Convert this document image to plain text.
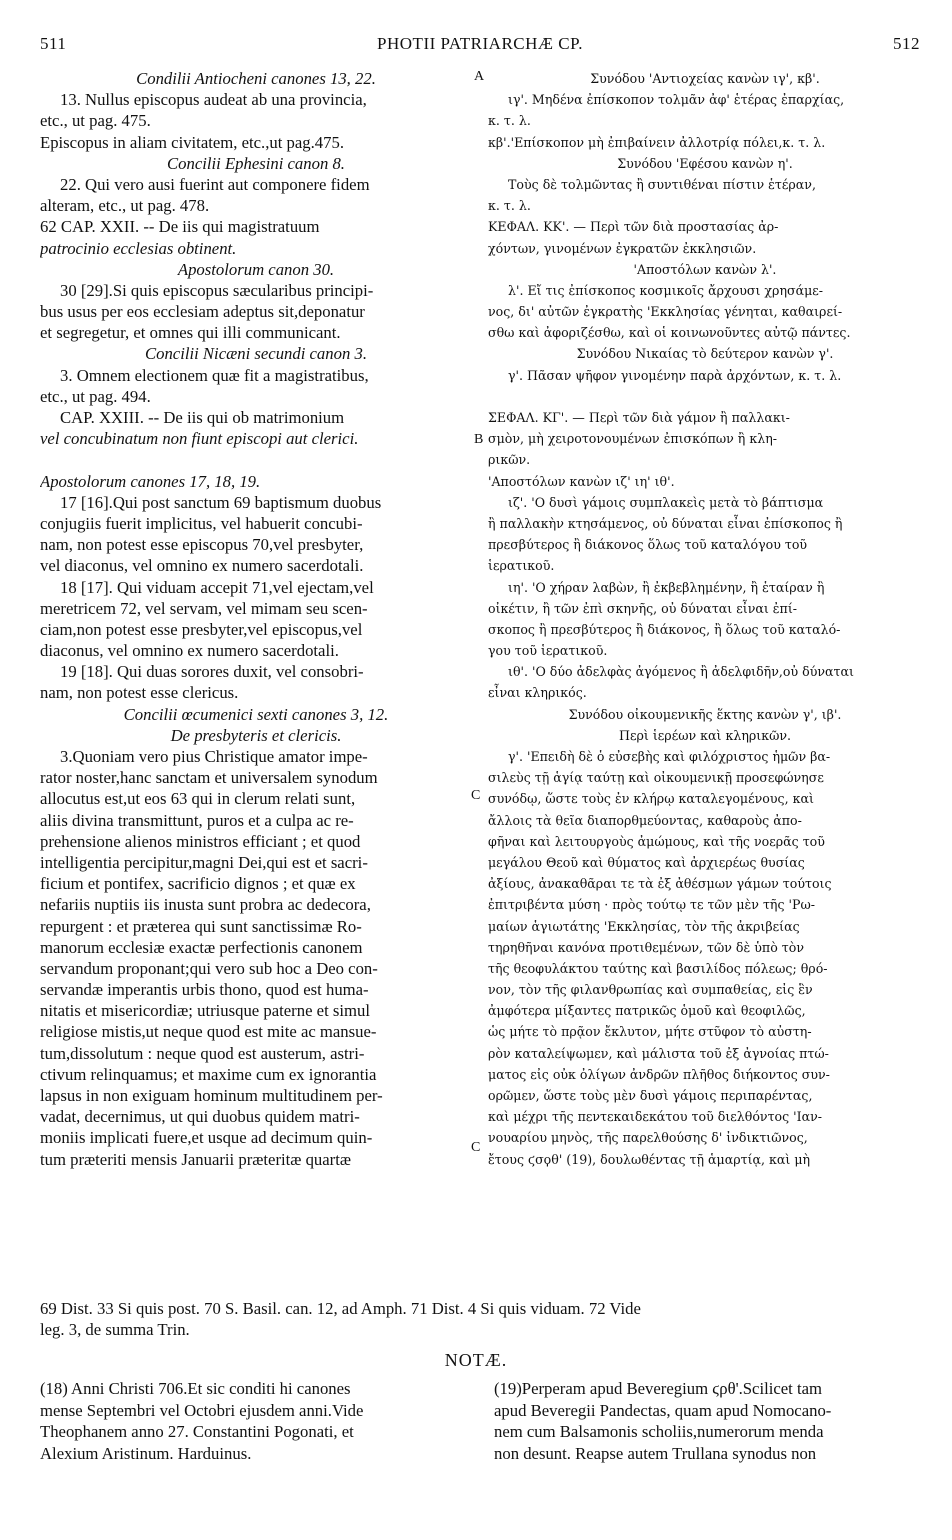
511	PHOTII PATRIARCHÆ CP.	512
A
B
C
C
Condilii Antiocheni canones 13, 22.
13. Nullus episcopus audeat ab una provincia,
etc., ut pag. 475.
Episcopus in aliam civitatem, etc.,ut pag.475.
Concilii Ephesini canon 8.
22. Qui vero ausi fuerint aut componere fidem
alteram, etc., ut pag. 478.
62 CAP. XXII. -- De iis qui magistratuum
patrocinio ecclesias obtinent.
Apostolorum canon 30.
30 [29].Si quis episcopus sæcularibus principi-
bus usus per eos ecclesiam adeptus sit,deponatur
et segregetur, et omnes qui illi communicant.
Concilii Nicæni secundi canon 3.
3. Omnem electionem quæ fit a magistratibus,
etc., ut pag. 494.
CAP. XXIII. -- De iis qui ob matrimonium
vel concubinatum non fiunt episcopi aut clerici.
Apostolorum canones 17, 18, 19.
17 [16].Qui post sanctum 69 baptismum duobus
conjugiis fuerit implicitus, vel habuerit concubi-
nam, non potest esse episcopus 70,vel presbyter,
vel diaconus, vel omnino ex numero sacerdotali.
18 [17]. Qui viduam accepit 71,vel ejectam,vel
meretricem 72, vel servam, vel mimam seu scen-
ciam,non potest esse presbyter,vel episcopus,vel
diaconus, vel omnino ex numero sacerdotali.
19 [18]. Qui duas sorores duxit, vel consobri-
nam, non potest esse clericus.
Concilii œcumenici sexti canones 3, 12.
De presbyteris et clericis.
3.Quoniam vero pius Christique amator impe-
rator noster,hanc sanctam et universalem synodum
allocutus est,ut eos 63 qui in clerum relati sunt,
aliis divina transmittunt, puros et a culpa ac re-
prehensione alienos ministros efficiant ; et quod
intelligentia percipitur,magni Dei,qui est et sacri-
ficium et pontifex, sacrificio dignos ; et quæ ex
nefariis nuptiis iis inusta sunt probra ac dedecora,
repurgent : et præterea qui sunt sanctissimæ Ro-
manorum ecclesiæ exactæ perfectionis canonem
servandum proponant;qui vero sub hoc a Deo con-
servandæ imperantis urbis thono, quod est huma-
nitatis et misericordiæ; utriusque paterne et simul
religiose mistis,ut neque quod est mite ac mansue-
tum,dissolutum : neque quod est austerum, astri-
ctivum relinquamus; et maxime cum ex ignorantia
lapsus in non exiguam hominum multitudinem per-
vadat, decernimus, ut qui duobus quidem matri-
moniis implicati fuere,et usque ad decimum quin-
tum præteriti mensis Januarii præteritæ quartæ
Συνόδου 'Αντιοχείας κανὼν ιγ', κβ'.
ιγ'. Μηδένα ἐπίσκοπον τολμᾶν ἀφ' ἑτέρας ἐπαρχίας,
κ. τ. λ.
κβ'.'Επίσκοπον μὴ ἐπιβαίνειν ἀλλοτρίᾳ πόλει,κ. τ. λ.
Συνόδου 'Εφέσου κανὼν η'.
Τοὺς δὲ τολμῶντας ἢ συντιθέναι πίστιν ἑτέραν,
κ. τ. λ.
ΚΕΦΑΛ. ΚΚ'. — Περὶ τῶν διὰ προστασίας ἀρ-
χόντων, γινομένων ἐγκρατῶν ἐκκλησιῶν.
'Αποστόλων κανὼν λ'.
λ'. Εἴ τις ἐπίσκοπος κοσμικοῖς ἄρχουσι χρησάμε-
νος, δι' αὐτῶν ἐγκρατὴς 'Εκκλησίας γένηται, καθαιρεί-
σθω καὶ ἀφοριζέσθω, καὶ οἱ κοινωνοῦντες αὐτῷ πάντες.
Συνόδου Νικαίας τὸ δεύτερον κανὼν γ'.
γ'. Πᾶσαν ψῆφον γινομένην παρὰ ἀρχόντων, κ. τ. λ.
ΣΕΦΑΛ. ΚΓ'. — Περὶ τῶν διὰ γάμον ἢ παλλακι-
σμὸν, μὴ χειροτονουμένων ἐπισκόπων ἢ κλη-
ρικῶν.
'Αποστόλων κανὼν ιζ' ιη' ιθ'.
ιζ'. 'Ο δυσὶ γάμοις συμπλακεὶς μετὰ τὸ βάπτισμα
ἢ παλλακὴν κτησάμενος, οὐ δύναται εἶναι ἐπίσκοπος ἢ
πρεσβύτερος ἢ διάκονος ὅλως τοῦ καταλόγου τοῦ
ἱερατικοῦ.
ιη'. 'Ο χήραν λαβὼν, ἢ ἐκβεβλημένην, ἢ ἑταίραν ἢ
οἰκέτιν, ἢ τῶν ἐπὶ σκηνῆς, οὐ δύναται εἶναι ἐπί-
σκοπος ἢ πρεσβύτερος ἢ διάκονος, ἢ ὅλως τοῦ καταλό-
γου τοῦ ἱερατικοῦ.
ιθ'. 'Ο δύο ἀδελφὰς ἀγόμενος ἢ ἀδελφιδῆν,οὐ δύναται
εἶναι κληρικός.
Συνόδου οἰκουμενικῆς ἕκτης κανὼν γ', ιβ'.
Περὶ ἱερέων καὶ κληρικῶν.
γ'. 'Επειδὴ δὲ ὁ εὐσεβὴς καὶ φιλόχριστος ἡμῶν βα-
σιλεὺς τῇ ἁγίᾳ ταύτῃ καὶ οἰκουμενικῇ προσεφώνησε
συνόδῳ, ὥστε τοὺς ἐν κλήρῳ καταλεγομένους, καὶ
ἄλλοις τὰ θεῖα διαπορθμεύοντας, καθαροὺς ἀπο-
φῆναι καὶ λειτουργοὺς ἀμώμους, καὶ τῆς νοερᾶς τοῦ
μεγάλου Θεοῦ καὶ θύματος καὶ ἀρχιερέως θυσίας
ἀξίους, ἀνακαθᾶραι τε τὰ ἐξ ἀθέσμων γάμων τούτοις
ἐπιτριβέντα μύση · πρὸς τούτῳ τε τῶν μὲν τῆς 'Ρω-
μαίων ἁγιωτάτης 'Εκκλησίας, τὸν τῆς ἀκριβείας
τηρηθῆναι κανόνα προτιθεμένων, τῶν δὲ ὑπὸ τὸν
τῆς θεοφυλάκτου ταύτης καὶ βασιλίδος πόλεως; θρό-
νον, τὸν τῆς φιλανθρωπίας καὶ συμπαθείας, εἰς ἓν
ἀμφότερα μίξαντες πατρικῶς ὁμοῦ καὶ θεοφιλῶς,
ὡς μήτε τὸ πρᾷον ἔκλυτον, μήτε στῦφον τὸ αὐστη-
ρὸν καταλείψωμεν, καὶ μάλιστα τοῦ ἐξ ἀγνοίας πτώ-
ματος εἰς οὐκ ὀλίγων ἀνδρῶν πλῆθος διήκοντος συν-
ορῶμεν, ὥστε τοὺς μὲν δυσὶ γάμοις περιπαρέντας,
καὶ μέχρι τῆς πεντεκαιδεκάτου τοῦ διελθόντος 'Ιαν-
νουαρίου μηνὸς, τῆς παρελθούσης δ' ἰνδικτιῶνος,
ἔτους ϛσϙθ' (19), δουλωθέντας τῇ ἁμαρτίᾳ, καὶ μὴ
69 Dist. 33 Si quis post. 70 S. Basil. can. 12, ad Amph. 71 Dist. 4 Si quis viduam. 72 Vide
leg. 3, de summa Trin.
NOTÆ.
(18) Anni Christi 706.Et sic conditi hi canones
mense Septembri vel Octobri ejusdem anni.Vide
Theophanem anno 27. Constantini Pogonati, et
Alexium Aristinum. Harduinus.
(19)Perperam apud Beveregium ϛρθ'.Scilicet tam
apud Beveregii Pandectas, quam apud Nomocano-
nem cum Balsamonis scholiis,numerorum menda
non desunt. Reapse autem Trullana synodus non
